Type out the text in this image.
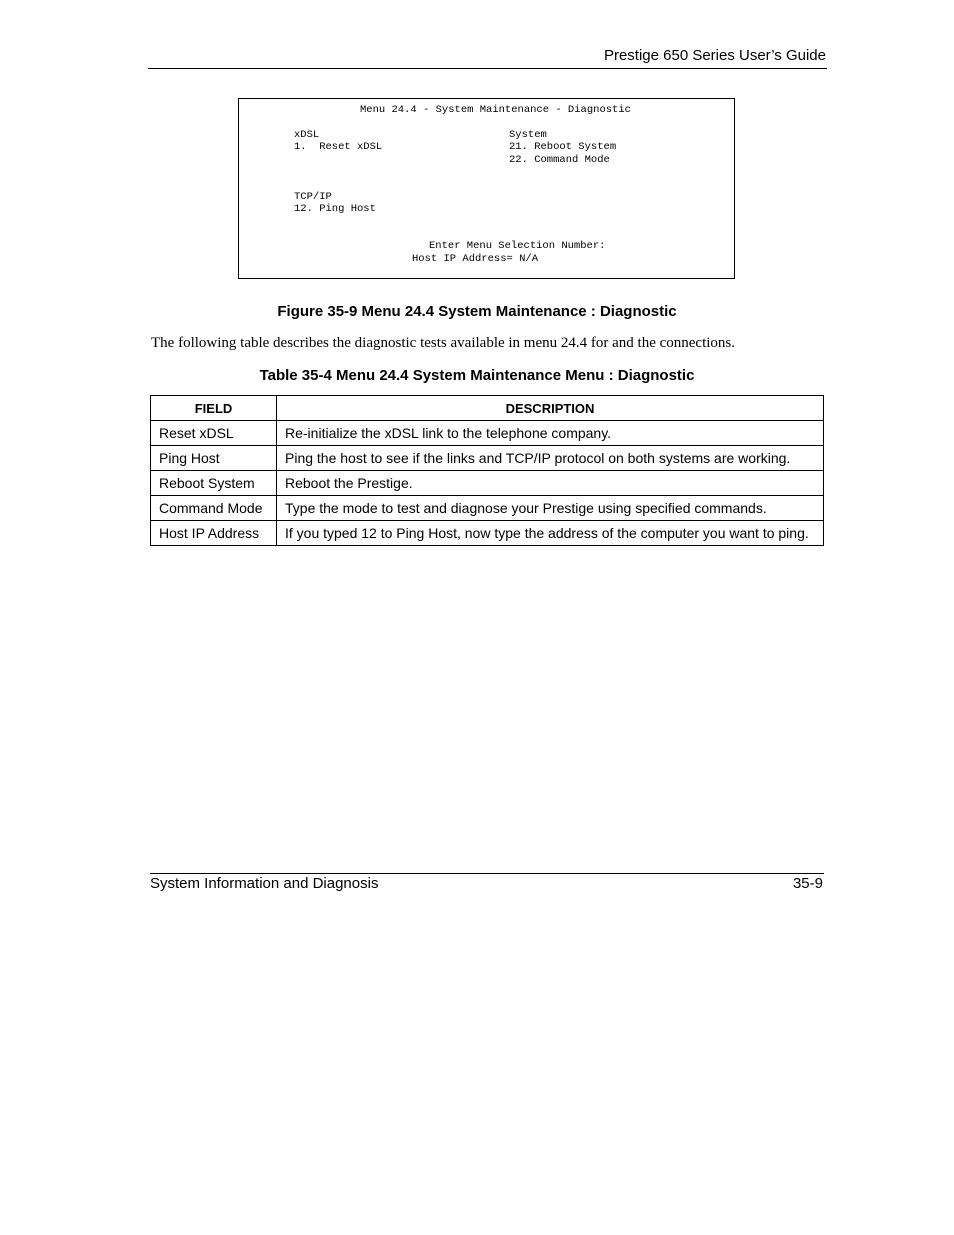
Prestige 650 Series User’s Guide
Menu 24.4 - System Maintenance - Diagnostic
xDSL
1.  Reset xDSL
System
21. Reboot System
22. Command Mode
TCP/IP
12. Ping Host
Enter Menu Selection Number:
Host IP Address= N/A
Figure 35-9 Menu 24.4 System Maintenance : Diagnostic
The following table describes the diagnostic tests available in menu 24.4 for and the connections.
Table 35-4 Menu 24.4 System Maintenance Menu : Diagnostic
FIELD	DESCRIPTION
Reset xDSL	Re-initialize the xDSL link to the telephone company.
Ping Host	Ping the host to see if the links and TCP/IP protocol on both systems are working.
Reboot System	Reboot the Prestige.
Command Mode	Type the mode to test and diagnose your Prestige using specified commands.
Host IP Address	If you typed 12 to Ping Host, now type the address of the computer you want to ping.
System Information and Diagnosis	35-9
